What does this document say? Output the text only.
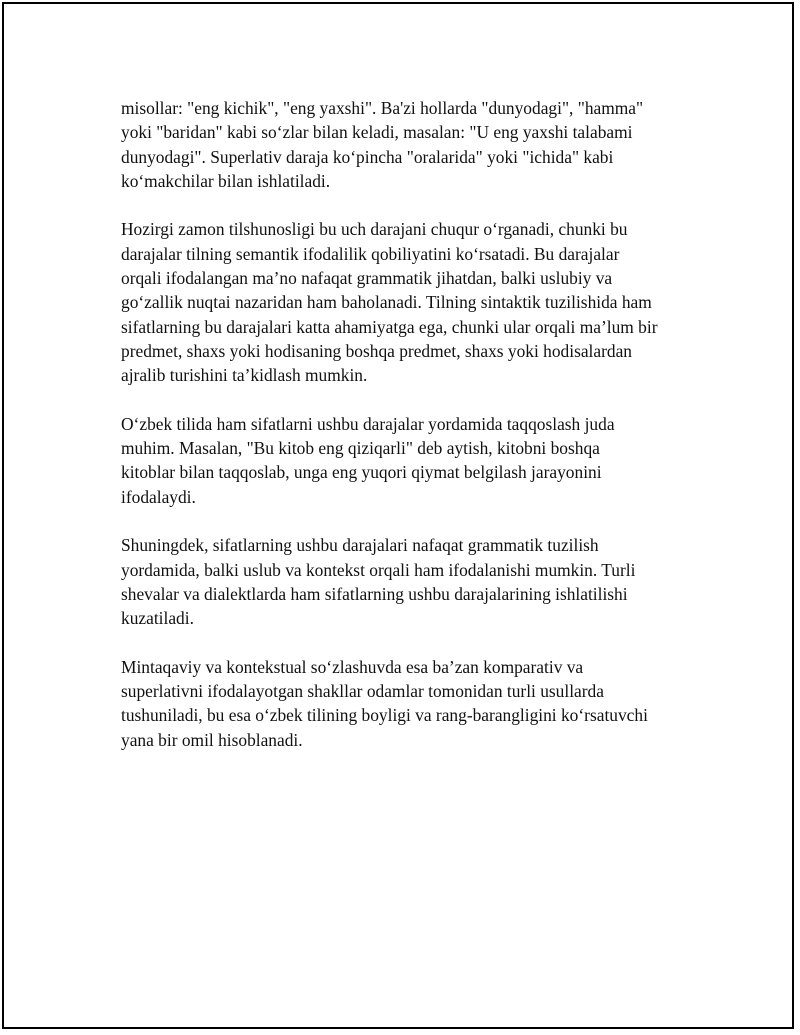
misollar: "eng kichik", "eng yaxshi". Ba'zi hollarda "dunyodagi", "hamma"
yoki "baridan" kabi so‘zlar bilan keladi, masalan: "U eng yaxshi talabami
dunyodagi". Superlativ daraja ko‘pincha "oralarida" yoki "ichida" kabi
ko‘makchilar bilan ishlatiladi.

Hozirgi zamon tilshunosligi bu uch darajani chuqur o‘rganadi, chunki bu
darajalar tilning semantik ifodalilik qobiliyatini ko‘rsatadi. Bu darajalar
orqali ifodalangan ma’no nafaqat grammatik jihatdan, balki uslubiy va
go‘zallik nuqtai nazaridan ham baholanadi. Tilning sintaktik tuzilishida ham
sifatlarning bu darajalari katta ahamiyatga ega, chunki ular orqali ma’lum bir
predmet, shaxs yoki hodisaning boshqa predmet, shaxs yoki hodisalardan
ajralib turishini ta’kidlash mumkin.

O‘zbek tilida ham sifatlarni ushbu darajalar yordamida taqqoslash juda
muhim. Masalan, "Bu kitob eng qiziqarli" deb aytish, kitobni boshqa
kitoblar bilan taqqoslab, unga eng yuqori qiymat belgilash jarayonini
ifodalaydi.

Shuningdek, sifatlarning ushbu darajalari nafaqat grammatik tuzilish
yordamida, balki uslub va kontekst orqali ham ifodalanishi mumkin. Turli
shevalar va dialektlarda ham sifatlarning ushbu darajalarining ishlatilishi
kuzatiladi.

Mintaqaviy va kontekstual so‘zlashuvda esa ba’zan komparativ va
superlativni ifodalayotgan shakllar odamlar tomonidan turli usullarda
tushuniladi, bu esa o‘zbek tilining boyligi va rang-barangligini ko‘rsatuvchi
yana bir omil hisoblanadi.
